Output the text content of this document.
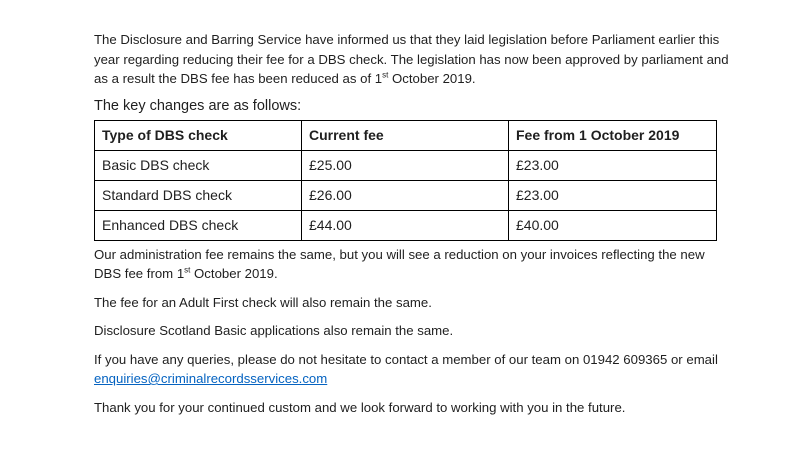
The Disclosure and Barring Service have informed us that they laid legislation before Parliament earlier this year regarding reducing their fee for a DBS check. The legislation has now been approved by parliament and as a result the DBS fee has been reduced as of 1st October 2019.

The key changes are as follows:

Type of DBS check	Current fee	Fee from 1 October 2019
Basic DBS check	£25.00	£23.00
Standard DBS check	£26.00	£23.00
Enhanced DBS check	£44.00	£40.00

Our administration fee remains the same, but you will see a reduction on your invoices reflecting the new DBS fee from 1st October 2019.

The fee for an Adult First check will also remain the same.

Disclosure Scotland Basic applications also remain the same.

If you have any queries, please do not hesitate to contact a member of our team on 01942 609365 or email enquiries@criminalrecordsservices.com

Thank you for your continued custom and we look forward to working with you in the future.
